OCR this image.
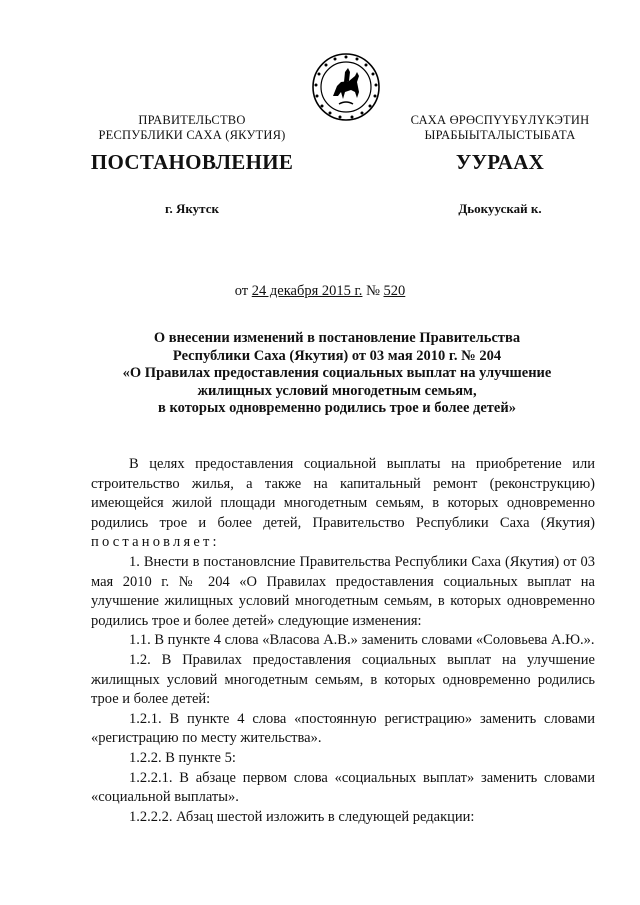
ПРАВИТЕЛЬСТВО
РЕСПУБЛИКИ САХА (ЯКУТИЯ)
САХА ӨРӨСПҮҮБҮЛҮКЭТИН
ЫРАБЫЫТАЛЫСТЫБАТА
ПОСТАНОВЛЕНИЕ	УУРААХ
г. Якутск	Дьокуускай к.
от 24 декабря 2015 г. № 520
О внесении изменений в постановление Правительства
Республики Саха (Якутия) от 03 мая 2010 г. № 204
«О Правилах предоставления социальных выплат на улучшение
жилищных условий многодетным семьям,
в которых одновременно родились трое и более детей»

В целях предоставления социальной выплаты на приобретение или строительство жилья, а также на капитальный ремонт (реконструкцию) имеющейся жилой площади многодетным семьям, в которых одновременно родились трое и более детей, Правительство Республики Саха (Якутия) постановляет:

1. Внести в постановлсние Правительства Республики Саха (Якутия) от 03 мая 2010 г. № 204 «О Правилах предоставления социальных выплат на улучшение жилищных условий многодетным семьям, в которых одновременно родились трое и более детей» следующие изменения:

1.1. В пункте 4 слова «Власова А.В.» заменить словами «Соловьева А.Ю.».

1.2. В Правилах предоставления социальных выплат на улучшение жилищных условий многодетным семьям, в которых одновременно родились трое и более детей:

1.2.1. В пункте 4 слова «постоянную регистрацию» заменить словами «регистрацию по месту жительства».

1.2.2. В пункте 5:

1.2.2.1. В абзаце первом слова «социальных выплат» заменить словами «социальной выплаты».

1.2.2.2. Абзац шестой изложить в следующей редакции:
